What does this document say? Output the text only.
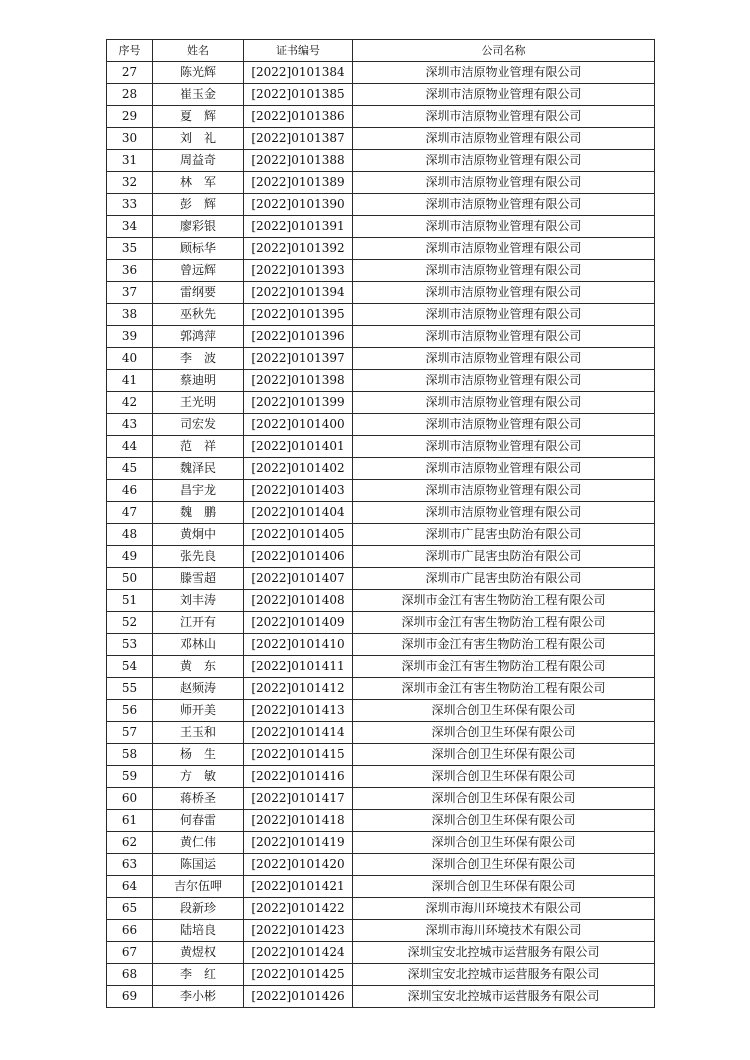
序号	姓名	证书编号	公司名称
27	陈光辉	[2022]0101384	深圳市洁原物业管理有限公司
28	崔玉金	[2022]0101385	深圳市洁原物业管理有限公司
29	夏　辉	[2022]0101386	深圳市洁原物业管理有限公司
30	刘　礼	[2022]0101387	深圳市洁原物业管理有限公司
31	周益奇	[2022]0101388	深圳市洁原物业管理有限公司
32	林　军	[2022]0101389	深圳市洁原物业管理有限公司
33	彭　辉	[2022]0101390	深圳市洁原物业管理有限公司
34	廖彩银	[2022]0101391	深圳市洁原物业管理有限公司
35	顾标华	[2022]0101392	深圳市洁原物业管理有限公司
36	曾远辉	[2022]0101393	深圳市洁原物业管理有限公司
37	雷纲要	[2022]0101394	深圳市洁原物业管理有限公司
38	巫秋先	[2022]0101395	深圳市洁原物业管理有限公司
39	郭鸿萍	[2022]0101396	深圳市洁原物业管理有限公司
40	李　波	[2022]0101397	深圳市洁原物业管理有限公司
41	蔡迪明	[2022]0101398	深圳市洁原物业管理有限公司
42	王光明	[2022]0101399	深圳市洁原物业管理有限公司
43	司宏发	[2022]0101400	深圳市洁原物业管理有限公司
44	范　祥	[2022]0101401	深圳市洁原物业管理有限公司
45	魏泽民	[2022]0101402	深圳市洁原物业管理有限公司
46	昌宇龙	[2022]0101403	深圳市洁原物业管理有限公司
47	魏　鹏	[2022]0101404	深圳市洁原物业管理有限公司
48	黄炯中	[2022]0101405	深圳市广昆害虫防治有限公司
49	张先良	[2022]0101406	深圳市广昆害虫防治有限公司
50	滕雪超	[2022]0101407	深圳市广昆害虫防治有限公司
51	刘丰涛	[2022]0101408	深圳市金江有害生物防治工程有限公司
52	江开有	[2022]0101409	深圳市金江有害生物防治工程有限公司
53	邓林山	[2022]0101410	深圳市金江有害生物防治工程有限公司
54	黄　东	[2022]0101411	深圳市金江有害生物防治工程有限公司
55	赵频涛	[2022]0101412	深圳市金江有害生物防治工程有限公司
56	师开美	[2022]0101413	深圳合创卫生环保有限公司
57	王玉和	[2022]0101414	深圳合创卫生环保有限公司
58	杨　生	[2022]0101415	深圳合创卫生环保有限公司
59	方　敏	[2022]0101416	深圳合创卫生环保有限公司
60	蒋桥圣	[2022]0101417	深圳合创卫生环保有限公司
61	何春雷	[2022]0101418	深圳合创卫生环保有限公司
62	黄仁伟	[2022]0101419	深圳合创卫生环保有限公司
63	陈国运	[2022]0101420	深圳合创卫生环保有限公司
64	吉尔伍呷	[2022]0101421	深圳合创卫生环保有限公司
65	段新珍	[2022]0101422	深圳市海川环境技术有限公司
66	陆培良	[2022]0101423	深圳市海川环境技术有限公司
67	黄煜权	[2022]0101424	深圳宝安北控城市运营服务有限公司
68	李　红	[2022]0101425	深圳宝安北控城市运营服务有限公司
69	李小彬	[2022]0101426	深圳宝安北控城市运营服务有限公司
